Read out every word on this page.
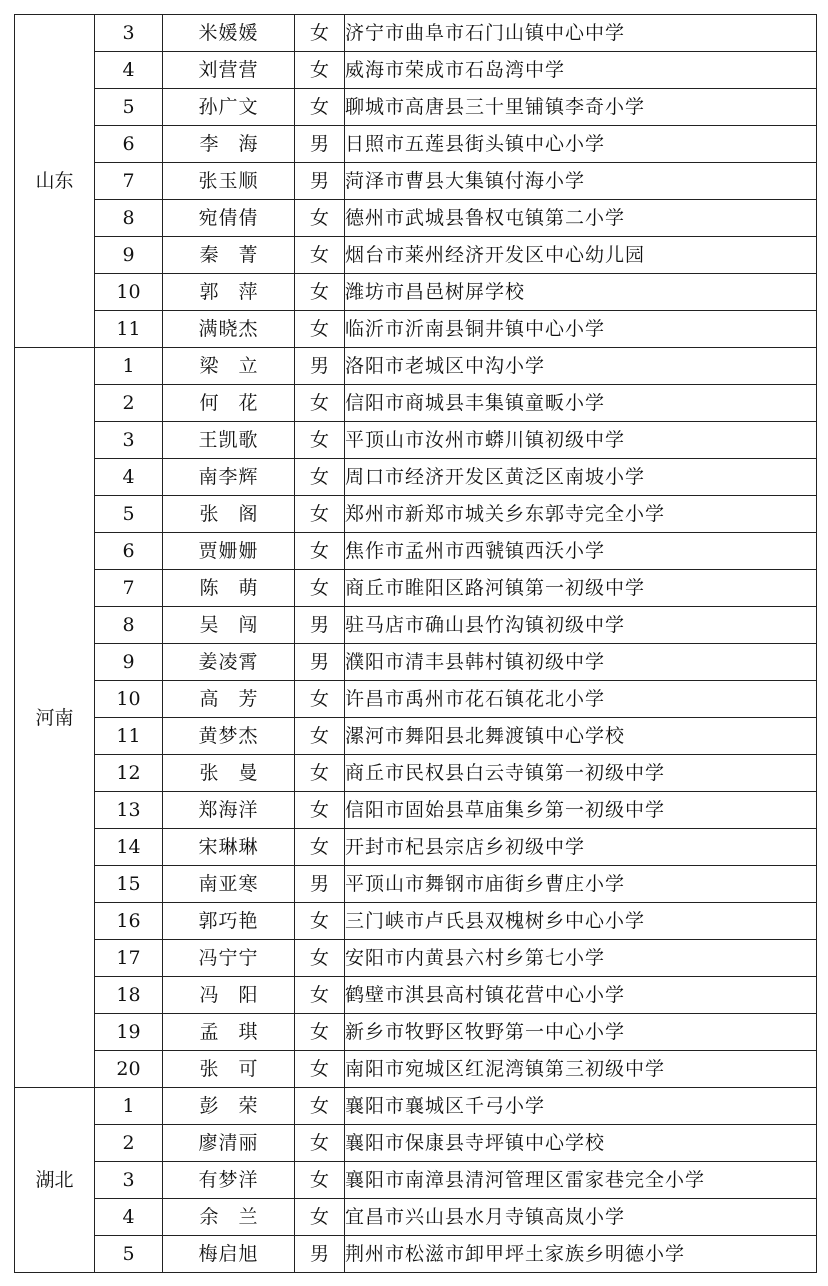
山东	3	米媛媛	女	济宁市曲阜市石门山镇中心中学
	4	刘营营	女	威海市荣成市石岛湾中学
	5	孙广文	女	聊城市高唐县三十里铺镇李奇小学
	6	李海	男	日照市五莲县街头镇中心小学
	7	张玉顺	男	菏泽市曹县大集镇付海小学
	8	宛倩倩	女	德州市武城县鲁权屯镇第二小学
	9	秦菁	女	烟台市莱州经济开发区中心幼儿园
	10	郭萍	女	潍坊市昌邑树屏学校
	11	满晓杰	女	临沂市沂南县铜井镇中心小学
河南	1	梁立	男	洛阳市老城区中沟小学
	2	何花	女	信阳市商城县丰集镇童畈小学
	3	王凯歌	女	平顶山市汝州市蟒川镇初级中学
	4	南李辉	女	周口市经济开发区黄泛区南坡小学
	5	张阁	女	郑州市新郑市城关乡东郭寺完全小学
	6	贾姗姗	女	焦作市孟州市西虢镇西沃小学
	7	陈萌	女	商丘市睢阳区路河镇第一初级中学
	8	吴闯	男	驻马店市确山县竹沟镇初级中学
	9	姜凌霄	男	濮阳市清丰县韩村镇初级中学
	10	高芳	女	许昌市禹州市花石镇花北小学
	11	黄梦杰	女	漯河市舞阳县北舞渡镇中心学校
	12	张曼	女	商丘市民权县白云寺镇第一初级中学
	13	郑海洋	女	信阳市固始县草庙集乡第一初级中学
	14	宋琳琳	女	开封市杞县宗店乡初级中学
	15	南亚寒	男	平顶山市舞钢市庙街乡曹庄小学
	16	郭巧艳	女	三门峡市卢氏县双槐树乡中心小学
	17	冯宁宁	女	安阳市内黄县六村乡第七小学
	18	冯阳	女	鹤壁市淇县高村镇花营中心小学
	19	孟琪	女	新乡市牧野区牧野第一中心小学
	20	张可	女	南阳市宛城区红泥湾镇第三初级中学
湖北	1	彭荣	女	襄阳市襄城区千弓小学
	2	廖清丽	女	襄阳市保康县寺坪镇中心学校
	3	有梦洋	女	襄阳市南漳县清河管理区雷家巷完全小学
	4	余兰	女	宜昌市兴山县水月寺镇高岚小学
	5	梅启旭	男	荆州市松滋市卸甲坪土家族乡明德小学
